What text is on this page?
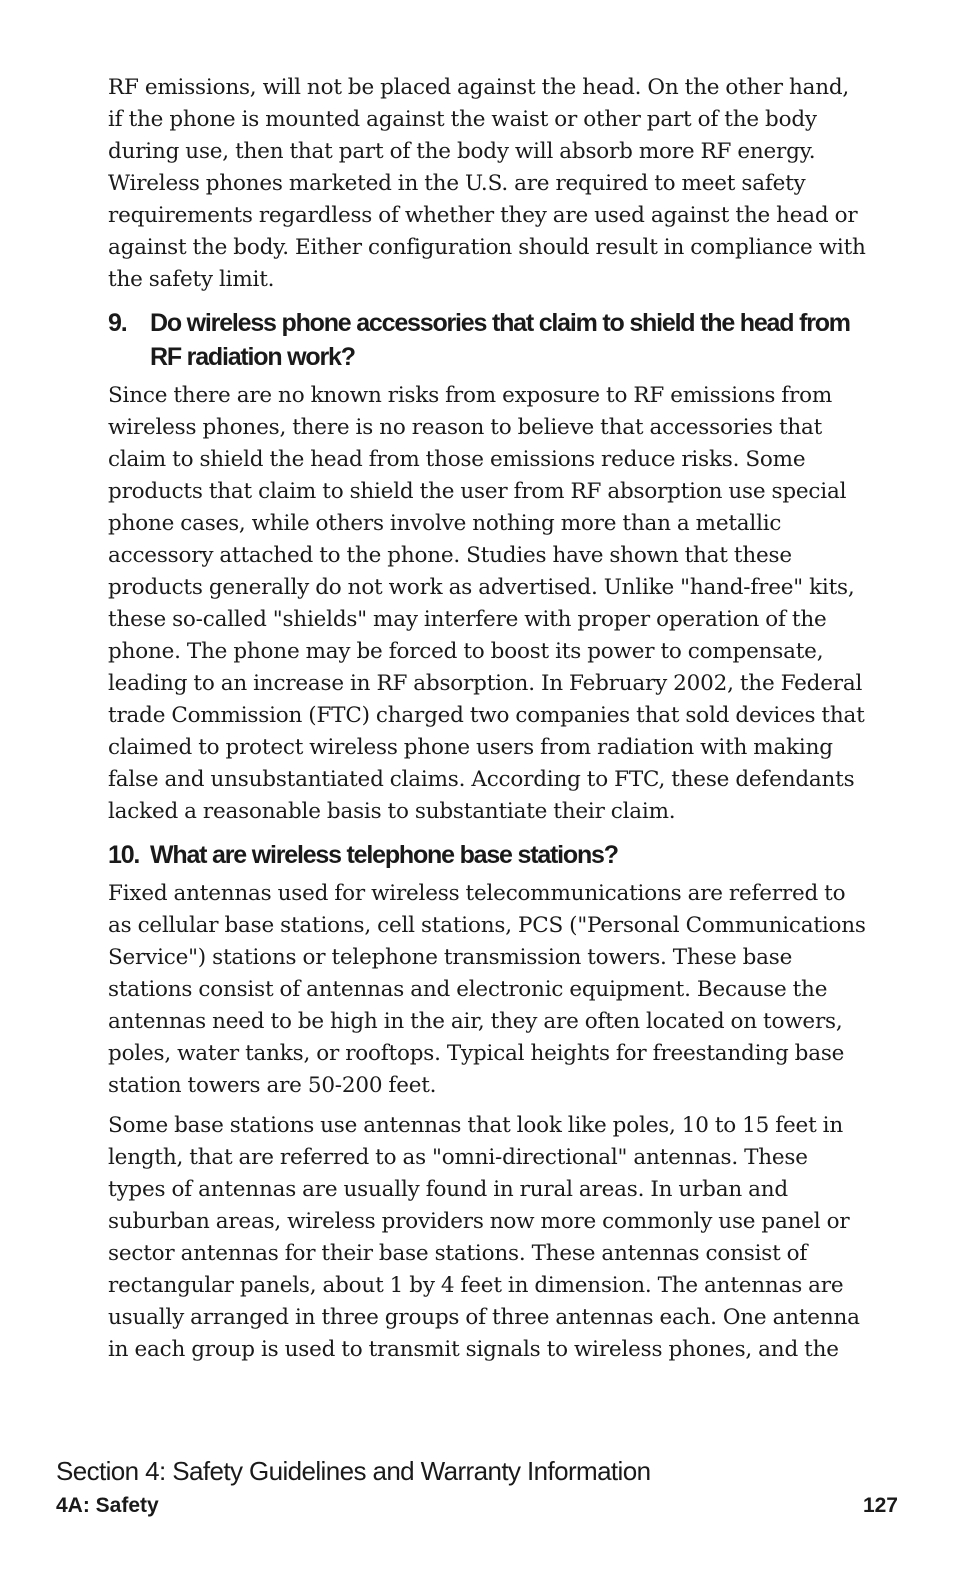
RF emissions, will not be placed against the head. On the other hand, if the phone is mounted against the waist or other part of the body during use, then that part of the body will absorb more RF energy. Wireless phones marketed in the U.S. are required to meet safety requirements regardless of whether they are used against the head or against the body. Either configuration should result in compliance with the safety limit.

9. Do wireless phone accessories that claim to shield the head from RF radiation work?

Since there are no known risks from exposure to RF emissions from wireless phones, there is no reason to believe that accessories that claim to shield the head from those emissions reduce risks. Some products that claim to shield the user from RF absorption use special phone cases, while others involve nothing more than a metallic accessory attached to the phone. Studies have shown that these products generally do not work as advertised. Unlike "hand-free" kits, these so-called "shields" may interfere with proper operation of the phone. The phone may be forced to boost its power to compensate, leading to an increase in RF absorption. In February 2002, the Federal trade Commission (FTC) charged two companies that sold devices that claimed to protect wireless phone users from radiation with making false and unsubstantiated claims. According to FTC, these defendants lacked a reasonable basis to substantiate their claim.

10. What are wireless telephone base stations?

Fixed antennas used for wireless telecommunications are referred to as cellular base stations, cell stations, PCS ("Personal Communications Service") stations or telephone transmission towers. These base stations consist of antennas and electronic equipment. Because the antennas need to be high in the air, they are often located on towers, poles, water tanks, or rooftops. Typical heights for freestanding base station towers are 50-200 feet.

Some base stations use antennas that look like poles, 10 to 15 feet in length, that are referred to as "omni-directional" antennas. These types of antennas are usually found in rural areas. In urban and suburban areas, wireless providers now more commonly use panel or sector antennas for their base stations. These antennas consist of rectangular panels, about 1 by 4 feet in dimension. The antennas are usually arranged in three groups of three antennas each. One antenna in each group is used to transmit signals to wireless phones, and the

Section 4: Safety Guidelines and Warranty Information
4A: Safety	127
